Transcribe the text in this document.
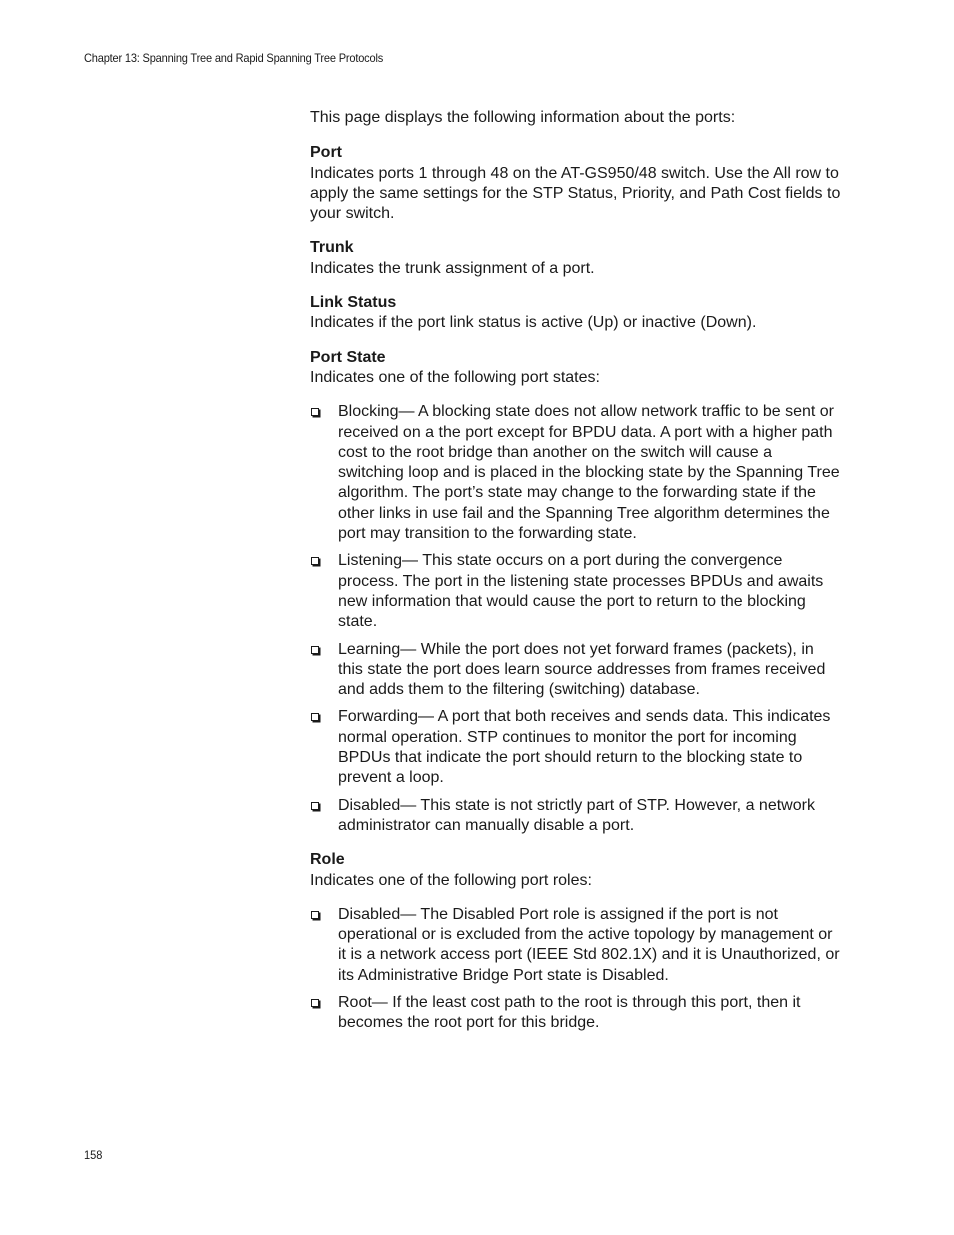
Chapter 13: Spanning Tree and Rapid Spanning Tree Protocols

This page displays the following information about the ports:

Port
Indicates ports 1 through 48 on the AT-GS950/48 switch. Use the All row to apply the same settings for the STP Status, Priority, and Path Cost fields to your switch.
Trunk
Indicates the trunk assignment of a port.
Link Status
Indicates if the port link status is active (Up) or inactive (Down).
Port State
Indicates one of the following port states:
Blocking— A blocking state does not allow network traffic to be sent or received on a the port except for BPDU data. A port with a higher path cost to the root bridge than another on the switch will cause a switching loop and is placed in the blocking state by the Spanning Tree algorithm. The port’s state may change to the forwarding state if the other links in use fail and the Spanning Tree algorithm determines the port may transition to the forwarding state.
Listening— This state occurs on a port during the convergence process. The port in the listening state processes BPDUs and awaits new information that would cause the port to return to the blocking state.
Learning— While the port does not yet forward frames (packets), in this state the port does learn source addresses from frames received and adds them to the filtering (switching) database.
Forwarding— A port that both receives and sends data. This indicates normal operation. STP continues to monitor the port for incoming BPDUs that indicate the port should return to the blocking state to prevent a loop.
Disabled— This state is not strictly part of STP. However, a network administrator can manually disable a port.
Role
Indicates one of the following port roles:
Disabled— The Disabled Port role is assigned if the port is not operational or is excluded from the active topology by management or it is a network access port (IEEE Std 802.1X) and it is Unauthorized, or its Administrative Bridge Port state is Disabled.
Root— If the least cost path to the root is through this port, then it becomes the root port for this bridge.
158
